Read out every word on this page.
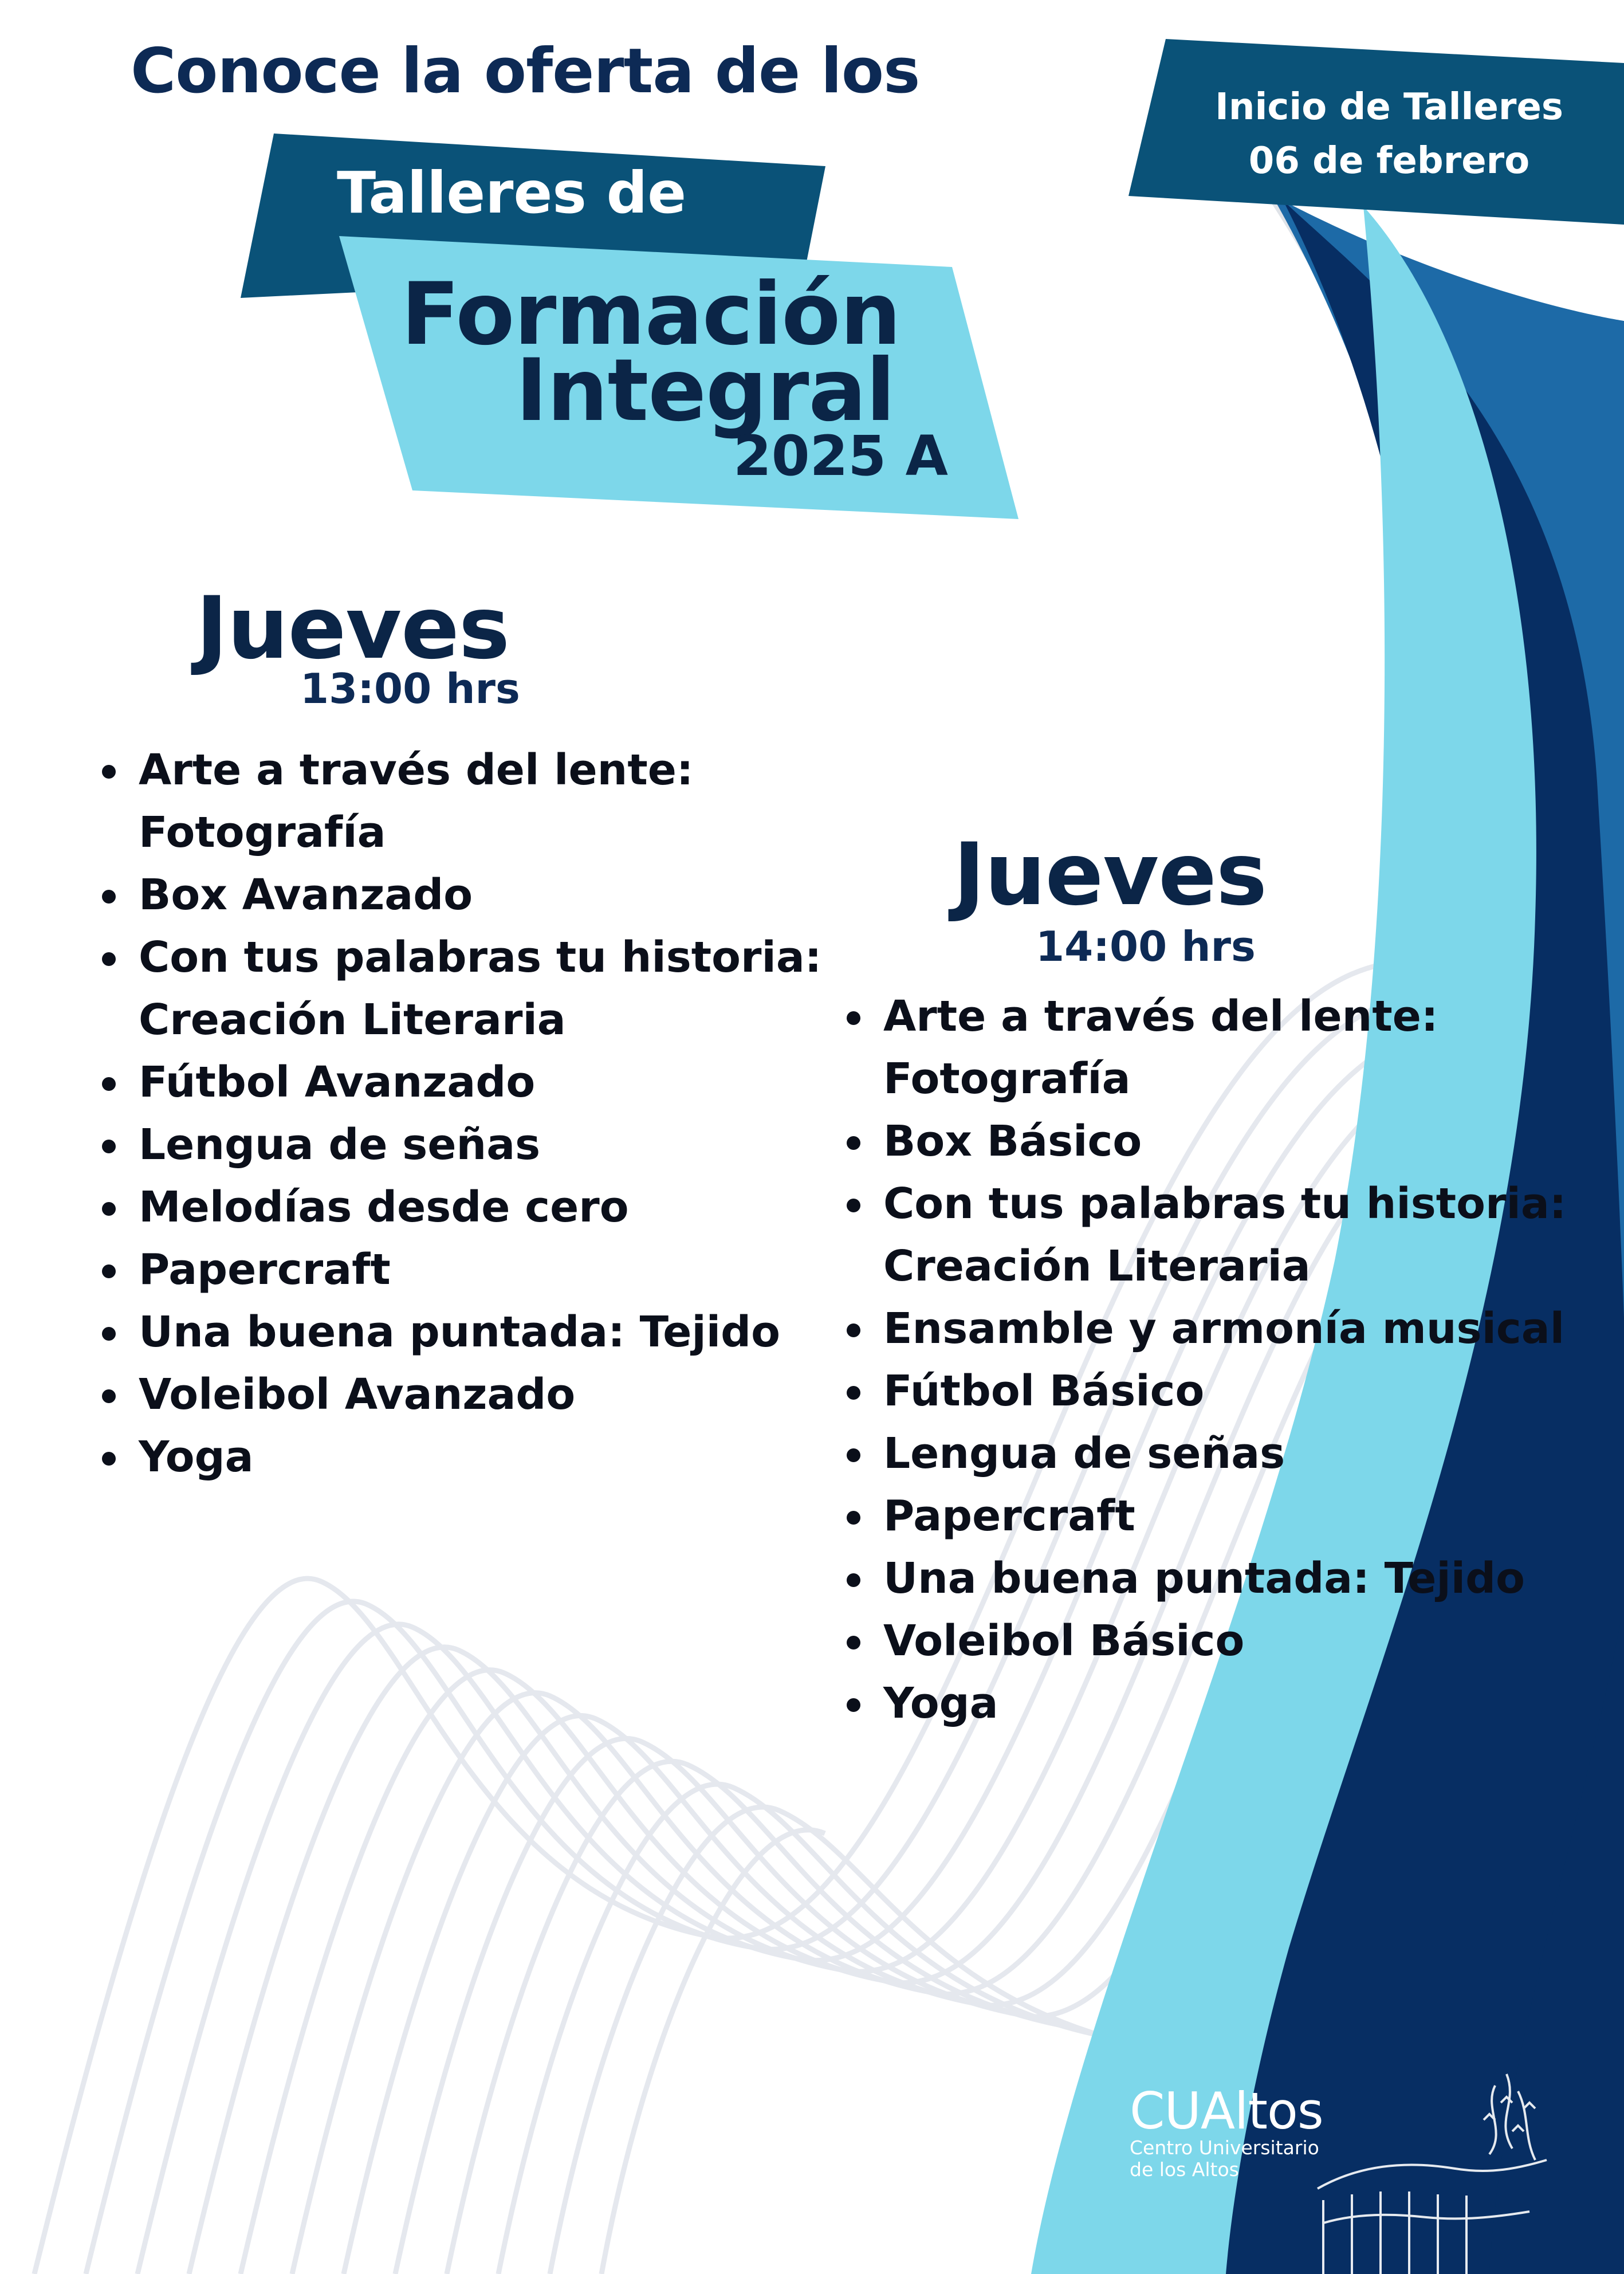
Conoce la oferta de los
Talleres de
Formación
Integral
2025 A
Inicio de Talleres
06 de febrero
Jueves
13:00 hrs
Arte a través del lente:
Fotografía
Box Avanzado
Con tus palabras tu historia:
Creación Literaria
Fútbol Avanzado
Lengua de señas
Melodías desde cero
Papercraft
Una buena puntada: Tejido
Voleibol Avanzado
Yoga
Jueves
14:00 hrs
Arte a través del lente:
Fotografía
Box Básico
Con tus palabras tu historia:
Creación Literaria
Ensamble y armonía musical
Fútbol Básico
Lengua de señas
Papercraft
Una buena puntada: Tejido
Voleibol Básico
Yoga
CUAltos
Centro Universitario
de los Altos
